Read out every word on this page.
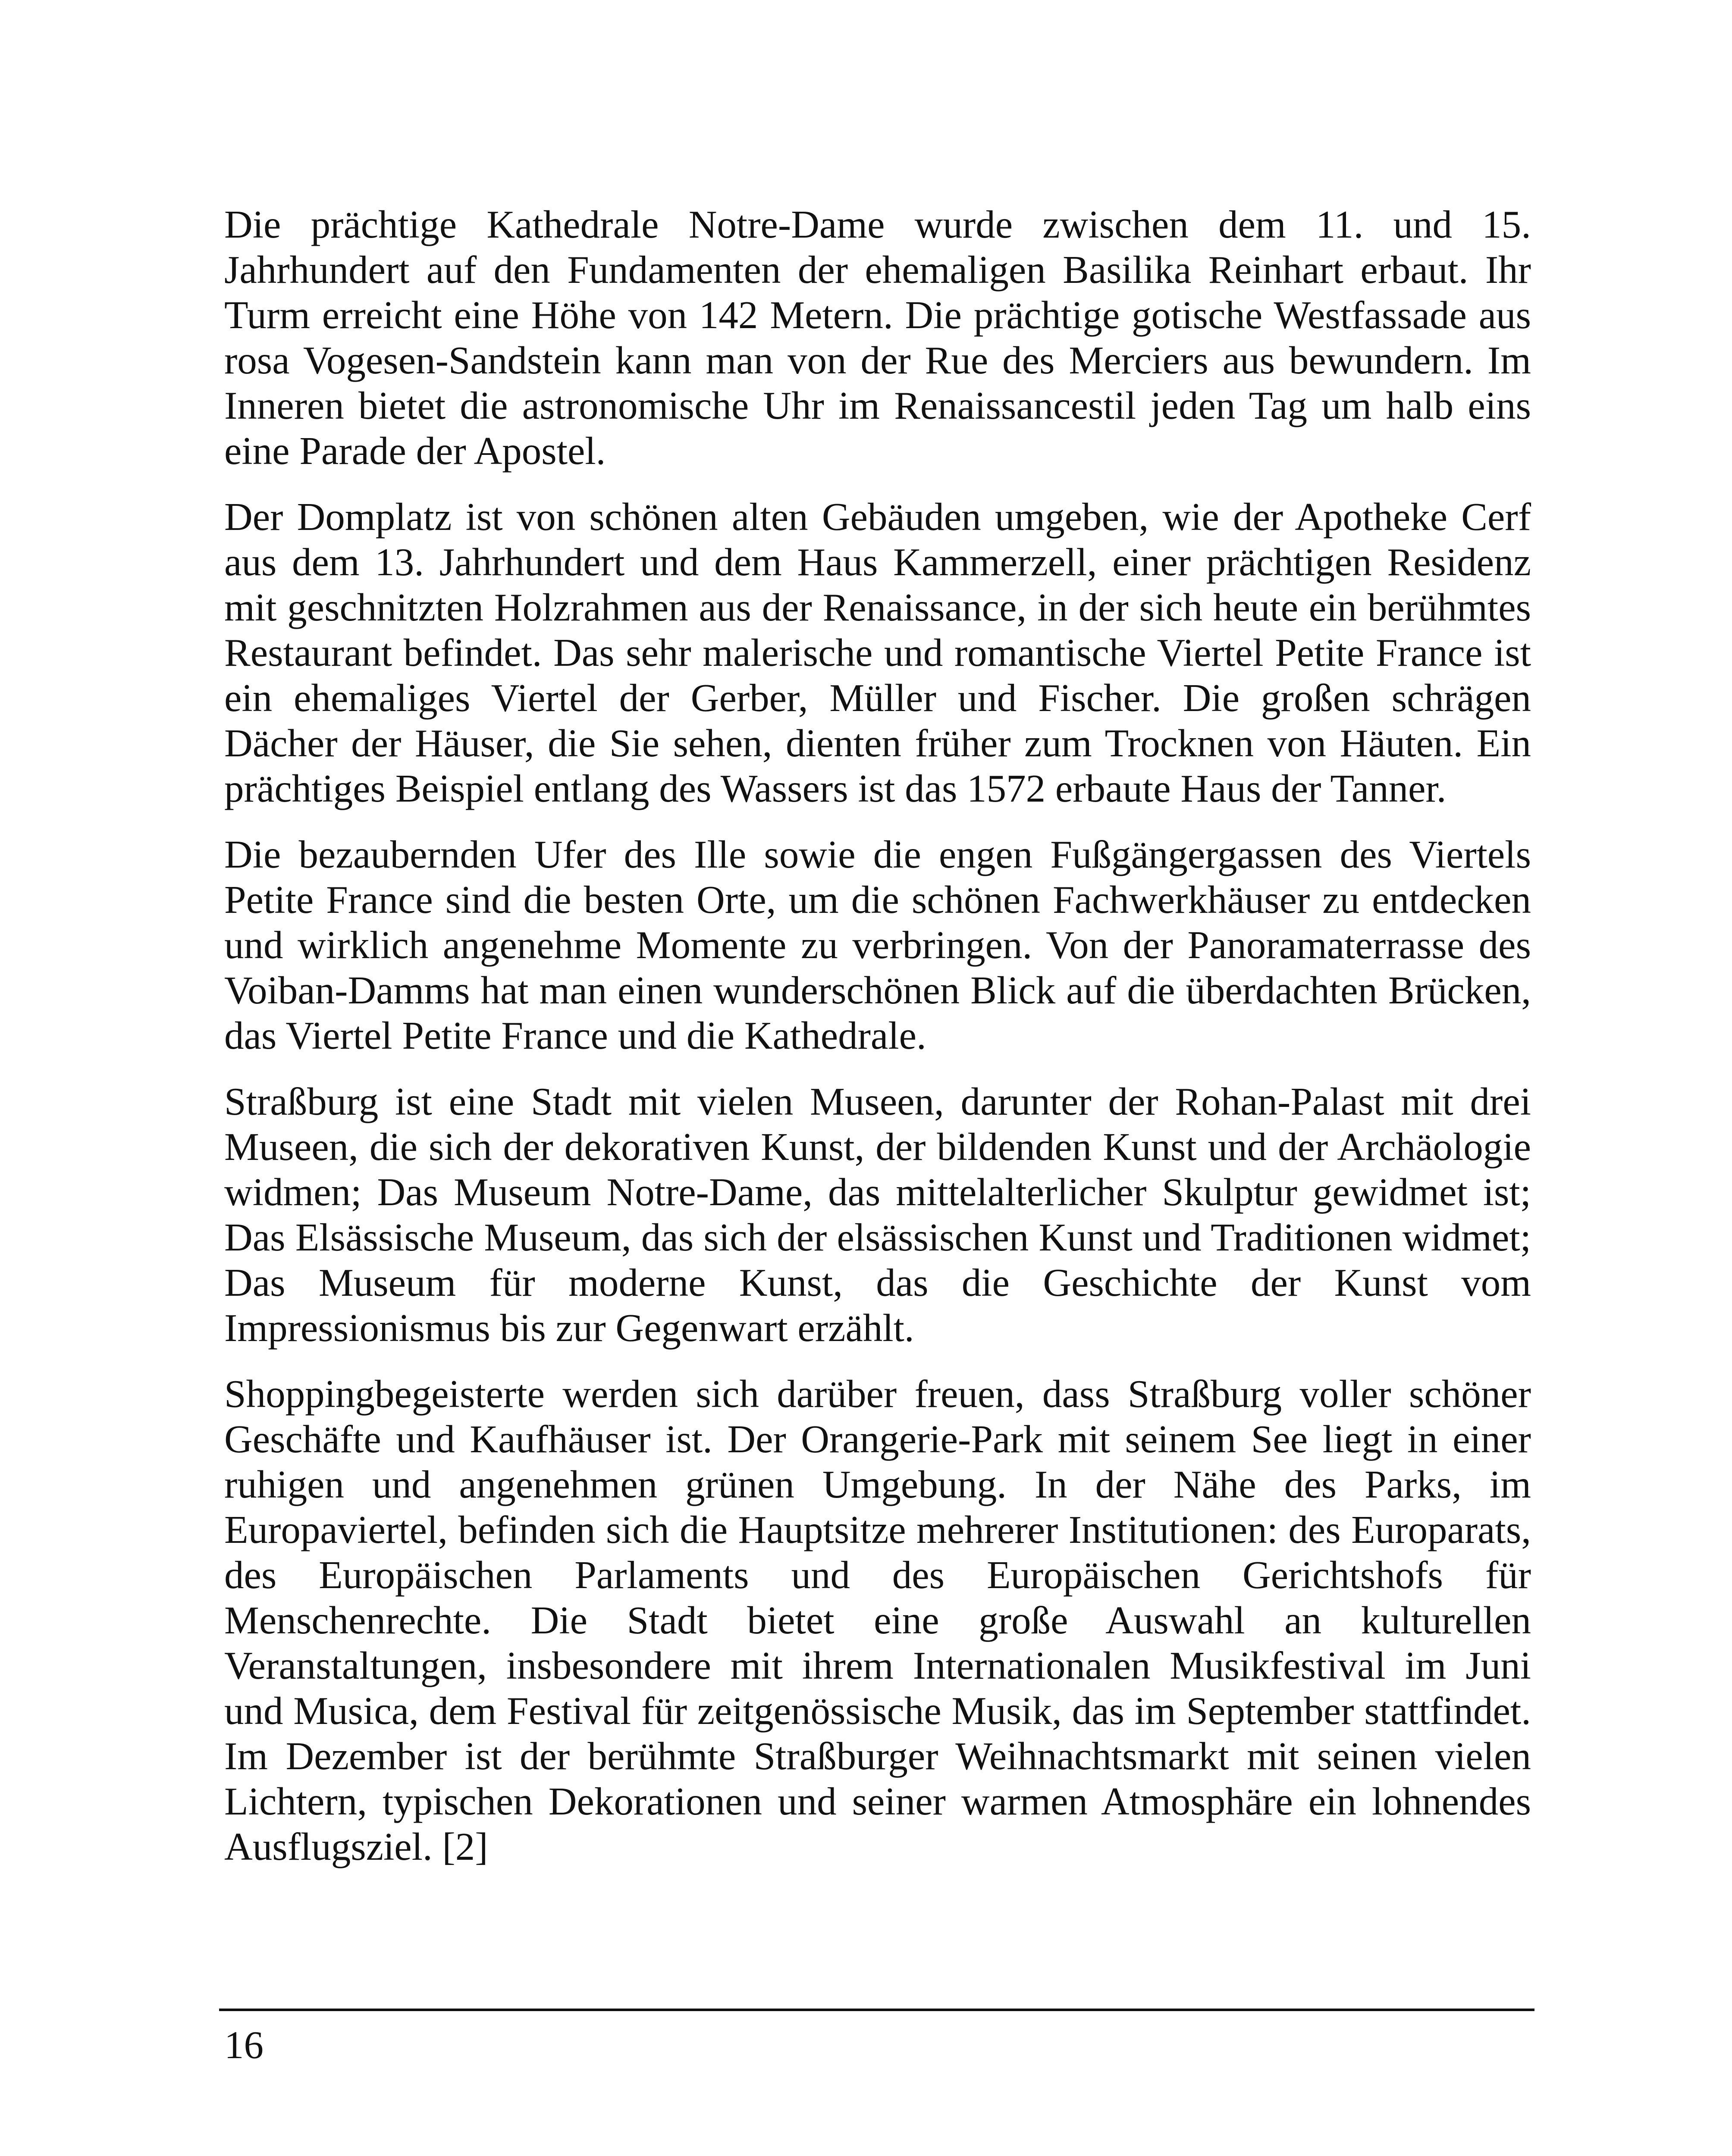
Die prächtige Kathedrale Notre-Dame wurde zwischen dem 11. und 15. Jahrhundert auf den Fundamenten der ehemaligen Basilika Reinhart erbaut. Ihr Turm erreicht eine Höhe von 142 Metern. Die prächtige gotische Westfassade aus rosa Vogesen-Sandstein kann man von der Rue des Merciers aus bewundern. Im Inneren bietet die astronomische Uhr im Renaissancestil jeden Tag um halb eins eine Parade der Apostel.

Der Domplatz ist von schönen alten Gebäuden umgeben, wie der Apotheke Cerf aus dem 13. Jahrhundert und dem Haus Kammerzell, einer prächtigen Residenz mit geschnitzten Holzrahmen aus der Renaissance, in der sich heute ein berühmtes Restaurant befindet. Das sehr malerische und romantische Viertel Petite France ist ein ehemaliges Viertel der Gerber, Müller und Fischer. Die großen schrägen Dächer der Häuser, die Sie sehen, dienten früher zum Trocknen von Häuten. Ein prächtiges Beispiel entlang des Wassers ist das 1572 erbaute Haus der Tanner.

Die bezaubernden Ufer des Ille sowie die engen Fußgängergassen des Viertels Petite France sind die besten Orte, um die schönen Fachwerkhäuser zu entdecken und wirklich angenehme Momente zu verbringen. Von der Panoramaterrasse des Voiban-Damms hat man einen wunderschönen Blick auf die überdachten Brücken, das Viertel Petite France und die Kathedrale.

Straßburg ist eine Stadt mit vielen Museen, darunter der Rohan-Palast mit drei Museen, die sich der dekorativen Kunst, der bildenden Kunst und der Archäologie widmen; Das Museum Notre-Dame, das mittelalterlicher Skulptur gewidmet ist; Das Elsässische Museum, das sich der elsässischen Kunst und Traditionen widmet; Das Museum für moderne Kunst, das die Geschichte der Kunst vom Impressionismus bis zur Gegenwart erzählt.

Shoppingbegeisterte werden sich darüber freuen, dass Straßburg voller schöner Geschäfte und Kaufhäuser ist. Der Orangerie-Park mit seinem See liegt in einer ruhigen und angenehmen grünen Umgebung. In der Nähe des Parks, im Europaviertel, befinden sich die Hauptsitze mehrerer Institutionen: des Europarats, des Europäischen Parlaments und des Europäischen Gerichtshofs für Menschenrechte. Die Stadt bietet eine große Auswahl an kulturellen Veranstaltungen, insbesondere mit ihrem Internationalen Musikfestival im Juni und Musica, dem Festival für zeitgenössische Musik, das im September stattfindet. Im Dezember ist der berühmte Straßburger Weihnachtsmarkt mit seinen vielen Lichtern, typischen Dekorationen und seiner warmen Atmosphäre ein lohnendes Ausflugsziel. [2]

16
